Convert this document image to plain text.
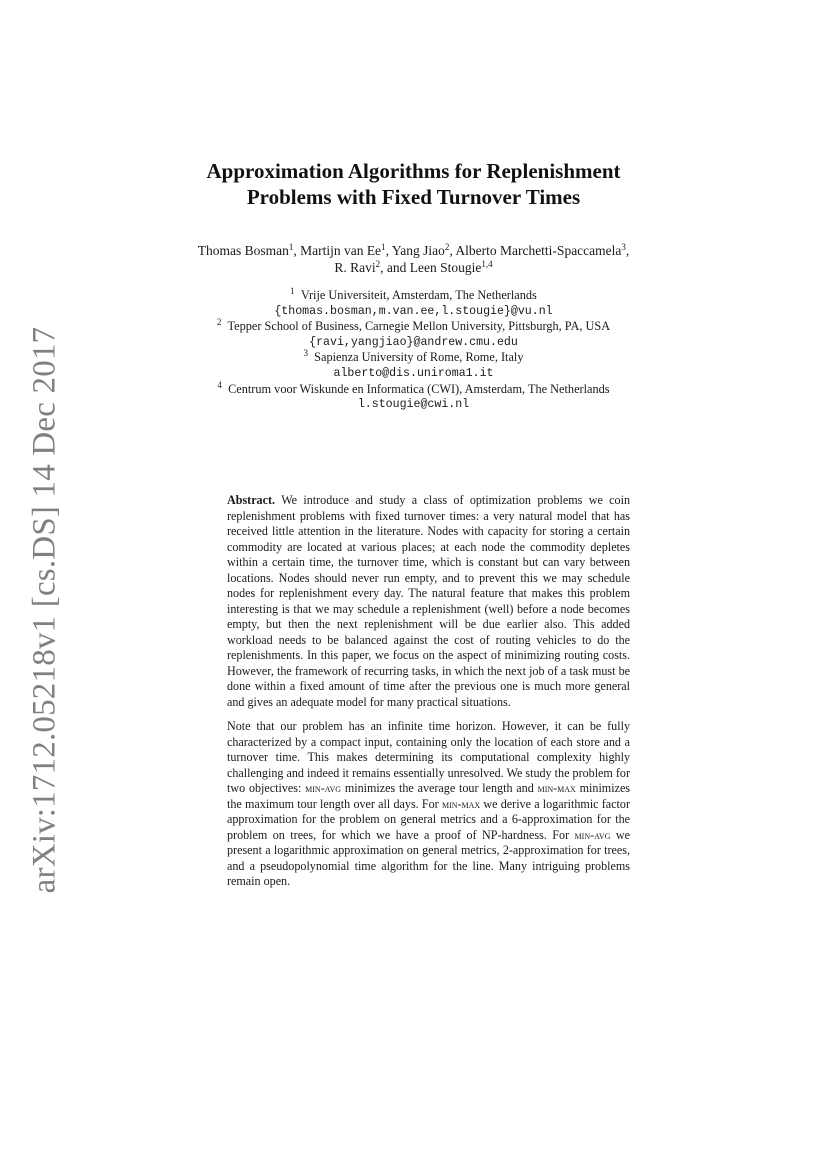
arXiv:1712.05218v1 [cs.DS] 14 Dec 2017
Approximation Algorithms for Replenishment
Problems with Fixed Turnover Times
Thomas Bosman$^1$, Martijn van Ee$^1$, Yang Jiao$^2$, Alberto Marchetti-Spaccamela$^3$,
R. Ravi$^2$, and Leen Stougie$^{1,4}$
$^1$ Vrije Universiteit, Amsterdam, The Netherlands
{thomas.bosman,m.van.ee,l.stougie}@vu.nl
$^2$ Tepper School of Business, Carnegie Mellon University, Pittsburgh, PA, USA
{ravi,yangjiao}@andrew.cmu.edu
$^3$ Sapienza University of Rome, Rome, Italy
alberto@dis.uniroma1.it
$^4$ Centrum voor Wiskunde en Informatica (CWI), Amsterdam, The Netherlands
l.stougie@cwi.nl

Abstract. We introduce and study a class of optimization problems we coin replenishment problems with fixed turnover times: a very natural model that has received little attention in the literature. Nodes with capacity for storing a certain commodity are located at various places; at each node the commodity depletes within a certain time, the turnover time, which is constant but can vary between locations. Nodes should never run empty, and to prevent this we may schedule nodes for replenishment every day. The natural feature that makes this problem interesting is that we may schedule a replenishment (well) before a node becomes empty, but then the next replenishment will be due earlier also. This added workload needs to be balanced against the cost of routing vehicles to do the replenishments. In this paper, we focus on the aspect of minimizing routing costs. However, the framework of recurring tasks, in which the next job of a task must be done within a fixed amount of time after the previous one is much more general and gives an adequate model for many practical situations.

Note that our problem has an infinite time horizon. However, it can be fully characterized by a compact input, containing only the location of each store and a turnover time. This makes determining its computational complexity highly challenging and indeed it remains essentially unresolved. We study the problem for two objectives: min-avg minimizes the average tour length and min-max minimizes the maximum tour length over all days. For min-max we derive a logarithmic factor approximation for the problem on general metrics and a 6-approximation for the problem on trees, for which we have a proof of NP-hardness. For min-avg we present a logarithmic approximation on general metrics, 2-approximation for trees, and a pseudopolynomial time algorithm for the line. Many intriguing problems remain open.
